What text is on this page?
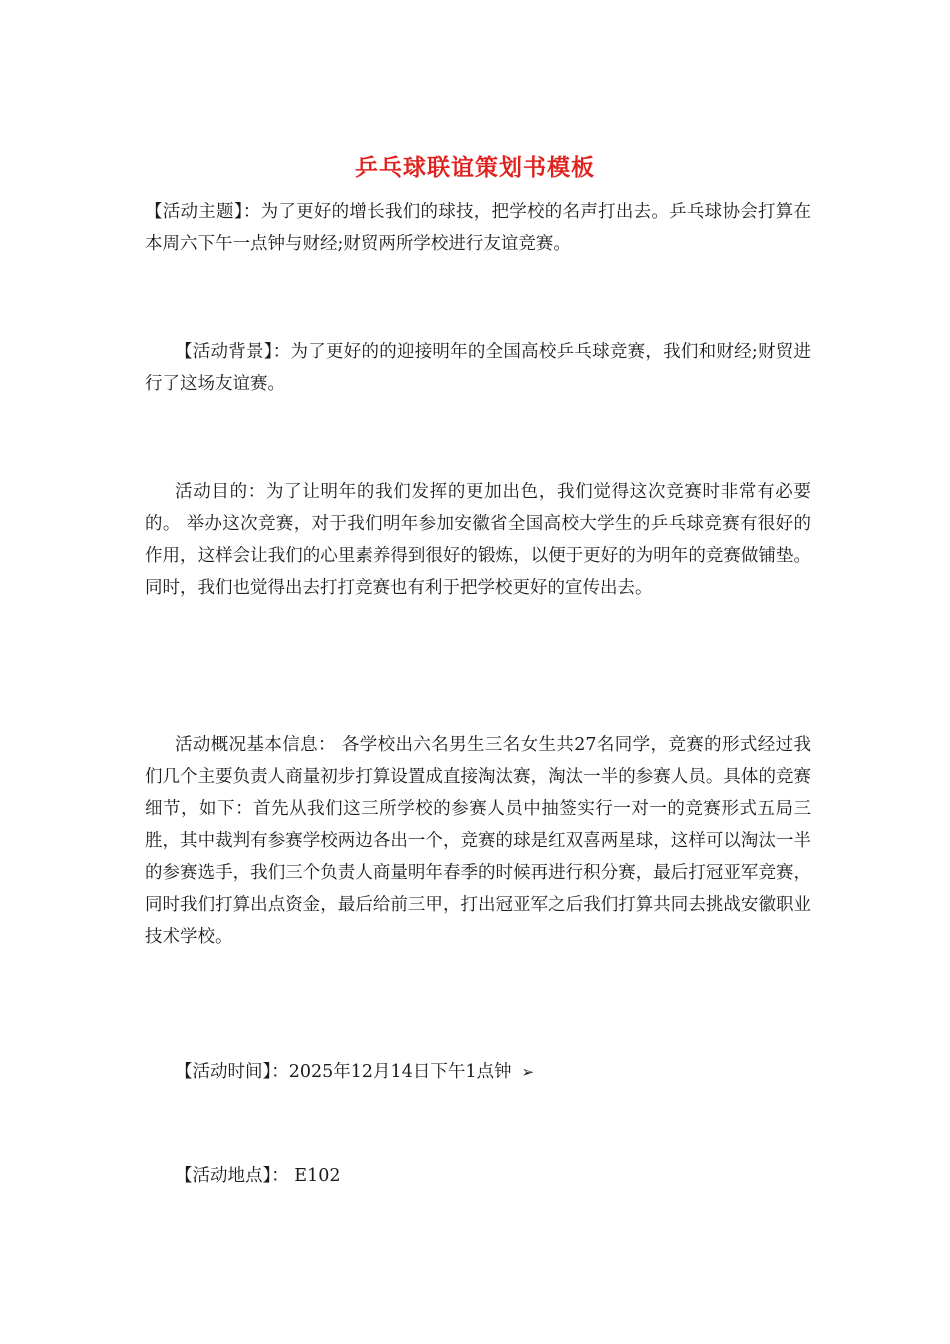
乒乓球联谊策划书模板

【活动主题】：为了更好的增长我们的球技，把学校的名声打出去。乒乓球协会打算在本周六下午一点钟与财经;财贸两所学校进行友谊竞赛。

【活动背景】：为了更好的的迎接明年的全国高校乒乓球竞赛，我们和财经;财贸进行了这场友谊赛。

活动目的：为了让明年的我们发挥的更加出色，我们觉得这次竞赛时非常有必要的。 举办这次竞赛，对于我们明年参加安徽省全国高校大学生的乒乓球竞赛有很好的作用，这样会让我们的心里素养得到很好的锻炼，以便于更好的为明年的竞赛做铺垫。同时，我们也觉得出去打打竞赛也有利于把学校更好的宣传出去。

活动概况基本信息： 各学校出六名男生三名女生共27名同学，竞赛的形式经过我们几个主要负责人商量初步打算设置成直接淘汰赛，淘汰一半的参赛人员。具体的竞赛细节，如下：首先从我们这三所学校的参赛人员中抽签实行一对一的竞赛形式五局三胜，其中裁判有参赛学校两边各出一个，竞赛的球是红双喜两星球，这样可以淘汰一半的参赛选手，我们三个负责人商量明年春季的时候再进行积分赛，最后打冠亚军竞赛，同时我们打算出点资金，最后给前三甲，打出冠亚军之后我们打算共同去挑战安徽职业技术学校。

【活动时间】：2025年12月14日下午1点钟 ➢

【活动地点】： E102
